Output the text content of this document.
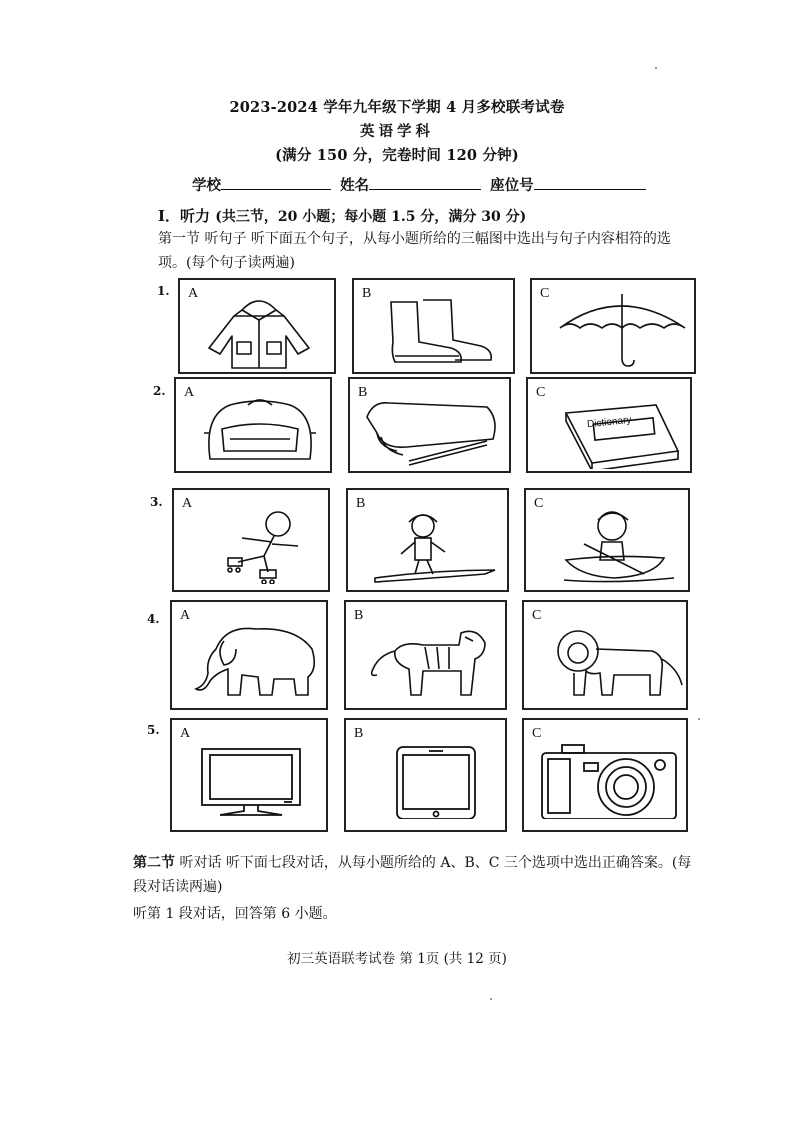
2023-2024 学年九年级下学期 4 月多校联考试卷
英语学科
(满分 150 分，完卷时间 120 分钟)
学校	姓名	座位号
I．听力 (共三节，20 小题；每小题 1.5 分，满分 30 分)
第一节 听句子 听下面五个句子，从每小题所给的三幅图中选出与句子内容相符的选项。(每个句子读两遍)
1. A	B	C
2. A	B	C
Dictionary
3. A	B	C
4. A	B	C
5. A	B	C
第二节 听对话 听下面七段对话，从每小题所给的 A、B、C 三个选项中选出正确答案。(每段对话读两遍)
听第 1 段对话，回答第 6 小题。
初三英语联考试卷 第 1页 (共 12 页)
